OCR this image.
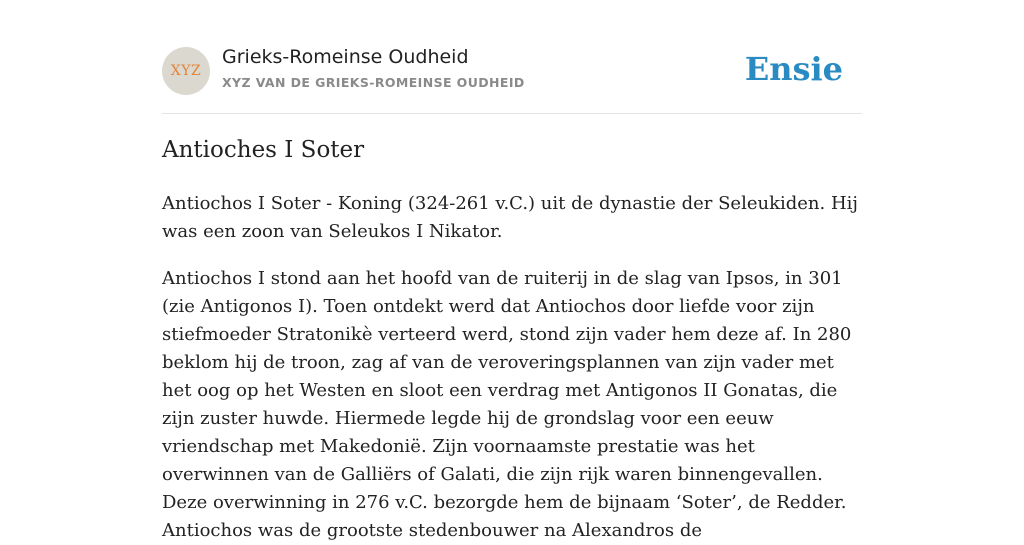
XYZ
Grieks-Romeinse Oudheid
XYZ VAN DE GRIEKS-ROMEINSE OUDHEID	Ensie
Antioches I Soter

Antiochos I Soter - Koning (324-261 v.C.) uit de dynastie der Seleukiden. Hij was een zoon van Seleukos I Nikator.

Antiochos I stond aan het hoofd van de ruiterij in de slag van Ipsos, in 301 (zie Antigonos I). Toen ontdekt werd dat Antiochos door liefde voor zijn stiefmoeder Stratonikè verteerd werd, stond zijn vader hem deze af. In 280 beklom hij de troon, zag af van de veroveringsplannen van zijn vader met het oog op het Westen en sloot een verdrag met Antigonos II Gonatas, die zijn zuster huwde. Hiermede legde hij de grondslag voor een eeuw vriendschap met Makedonië. Zijn voornaamste prestatie was het overwinnen van de Galliërs of Galati, die zijn rijk waren binnengevallen. Deze overwinning in 276 v.C. bezorgde hem de bijnaam ‘Soter’, de Redder. Antiochos was de grootste stedenbouwer na Alexandros de
